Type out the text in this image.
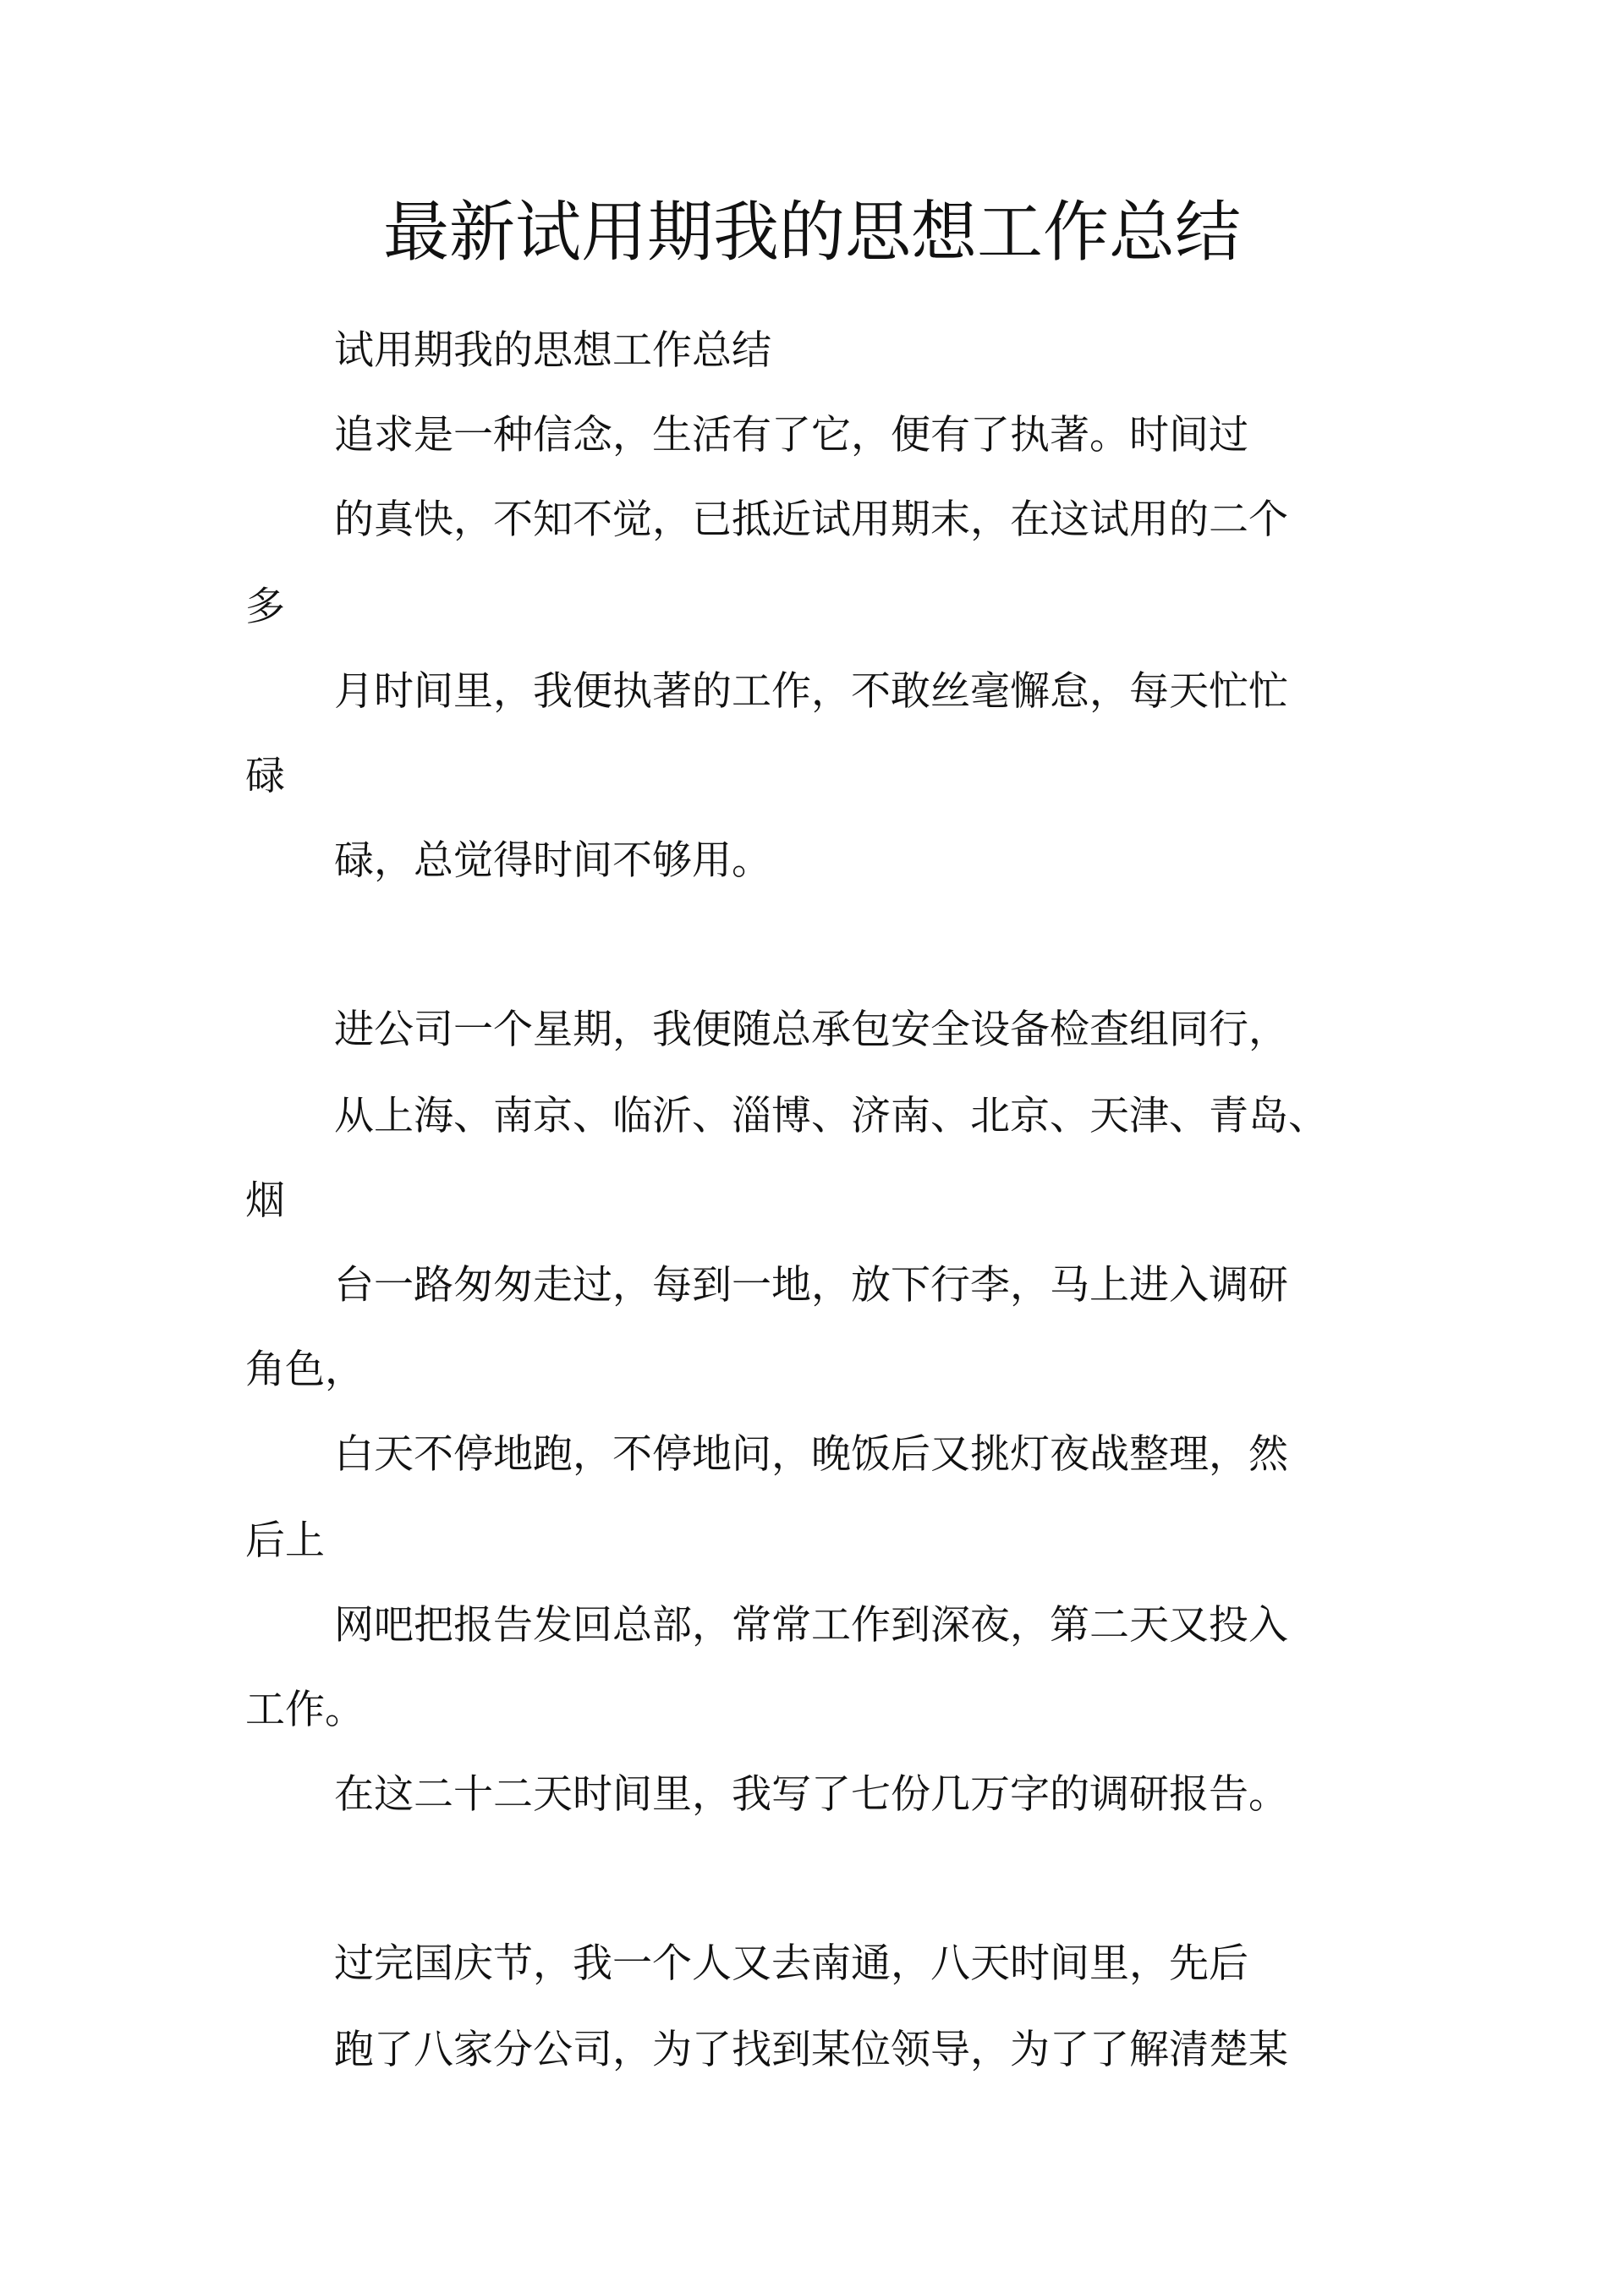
最新试用期我的思想工作总结
试用期我的思想工作总结
追求是一种信念，生活有了它，便有了执著。时间过
的真快，不知不觉，已抵近试用期末，在这试用的二个
多
月时间里，我便执著的工作，不敢丝毫懈怠，每天忙忙
碌
碌，总觉得时间不够用。
进公司一个星期，我便随总承包安全设备检查组同行，
从上海、南京、临沂、淄博、济南、北京、天津、青岛、
烟
台一路匆匆走过，每到一地，放下行李，马上进入调研
角色，
白天不停地跑，不停地问，晚饭后又挑灯夜战整理，然
后上
网吧把报告发回总部，常常工作到深夜，第二天又投入
工作。
在这二十二天时间里，我写了七份几万字的调研报告。
过完国庆节，我一个人又去南通，八天时间里，先后
跑了八家分公司，为了找到某位领导，为了了解清楚某
